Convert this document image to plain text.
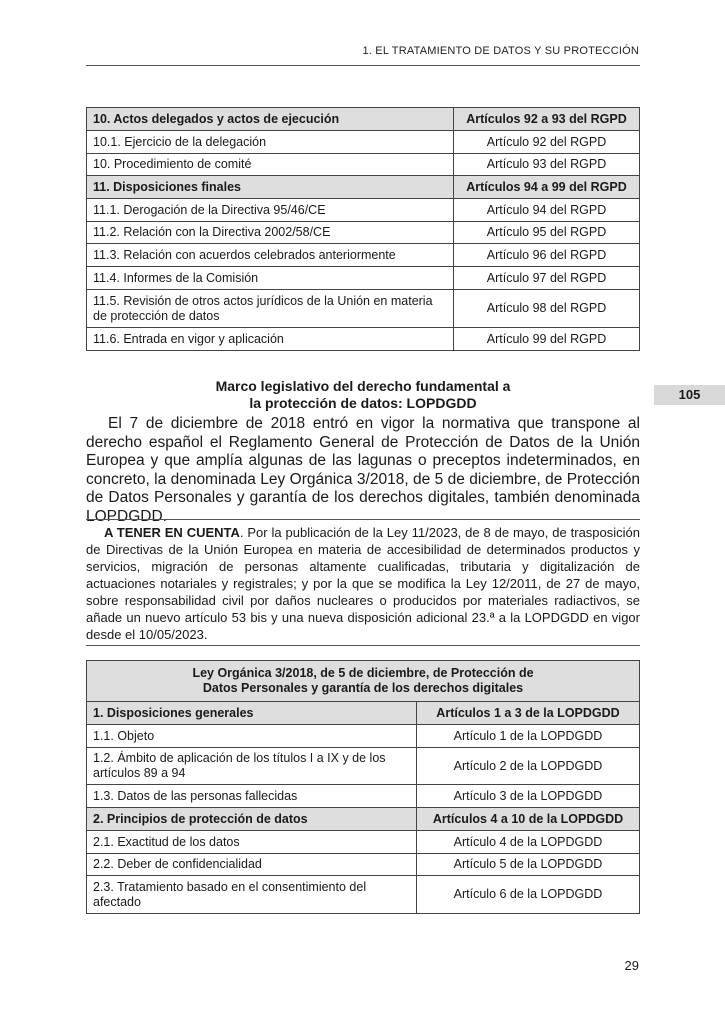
1. EL TRATAMIENTO DE DATOS Y SU PROTECCIÓN
10. Actos delegados y actos de ejecución	Artículos 92 a 93 del RGPD
10.1. Ejercicio de la delegación	Artículo 92 del RGPD
10. Procedimiento de comité	Artículo 93 del RGPD
11. Disposiciones finales	Artículos 94 a 99 del RGPD
11.1. Derogación de la Directiva 95/46/CE	Artículo 94 del RGPD
11.2. Relación con la Directiva 2002/58/CE	Artículo 95 del RGPD
11.3. Relación con acuerdos celebrados anteriormente	Artículo 96 del RGPD
11.4. Informes de la Comisión	Artículo 97 del RGPD
11.5. Revisión de otros actos jurídicos de la Unión en materia de protección de datos	Artículo 98 del RGPD
11.6. Entrada en vigor y aplicación	Artículo 99 del RGPD
105
Marco legislativo del derecho fundamental a
la protección de datos: LOPDGDD

El 7 de diciembre de 2018 entró en vigor la normativa que transpone al derecho español el Reglamento General de Protección de Datos de la Unión Europea y que amplía algunas de las lagunas o preceptos indeterminados, en concreto, la denominada Ley Orgánica 3/2018, de 5 de diciembre, de Protección de Datos Personales y garantía de los derechos digitales, también denominada LOPDGDD.

A TENER EN CUENTA. Por la publicación de la Ley 11/2023, de 8 de mayo, de trasposición de Directivas de la Unión Europea en materia de accesibilidad de determinados productos y servicios, migración de personas altamente cualificadas, tributaria y digitalización de actuaciones notariales y registrales; y por la que se modifica la Ley 12/2011, de 27 de mayo, sobre responsabilidad civil por daños nucleares o producidos por materiales radiactivos, se añade un nuevo artículo 53 bis y una nueva disposición adicional 23.ª a la LOPDGDD en vigor desde el 10/05/2023.

Ley Orgánica 3/2018, de 5 de diciembre, de Protección de
Datos Personales y garantía de los derechos digitales	

1. Disposiciones generales	Artículos 1 a 3 de la LOPDGDD
1.1. Objeto	Artículo 1 de la LOPDGDD
1.2. Ámbito de aplicación de los títulos I a IX y de los artículos 89 a 94	Artículo 2 de la LOPDGDD
1.3. Datos de las personas fallecidas	Artículo 3 de la LOPDGDD
2. Principios de protección de datos	Artículos 4 a 10 de la LOPDGDD
2.1. Exactitud de los datos	Artículo 4 de la LOPDGDD
2.2. Deber de confidencialidad	Artículo 5 de la LOPDGDD
2.3. Tratamiento basado en el consentimiento del afectado	Artículo 6 de la LOPDGDD
29
